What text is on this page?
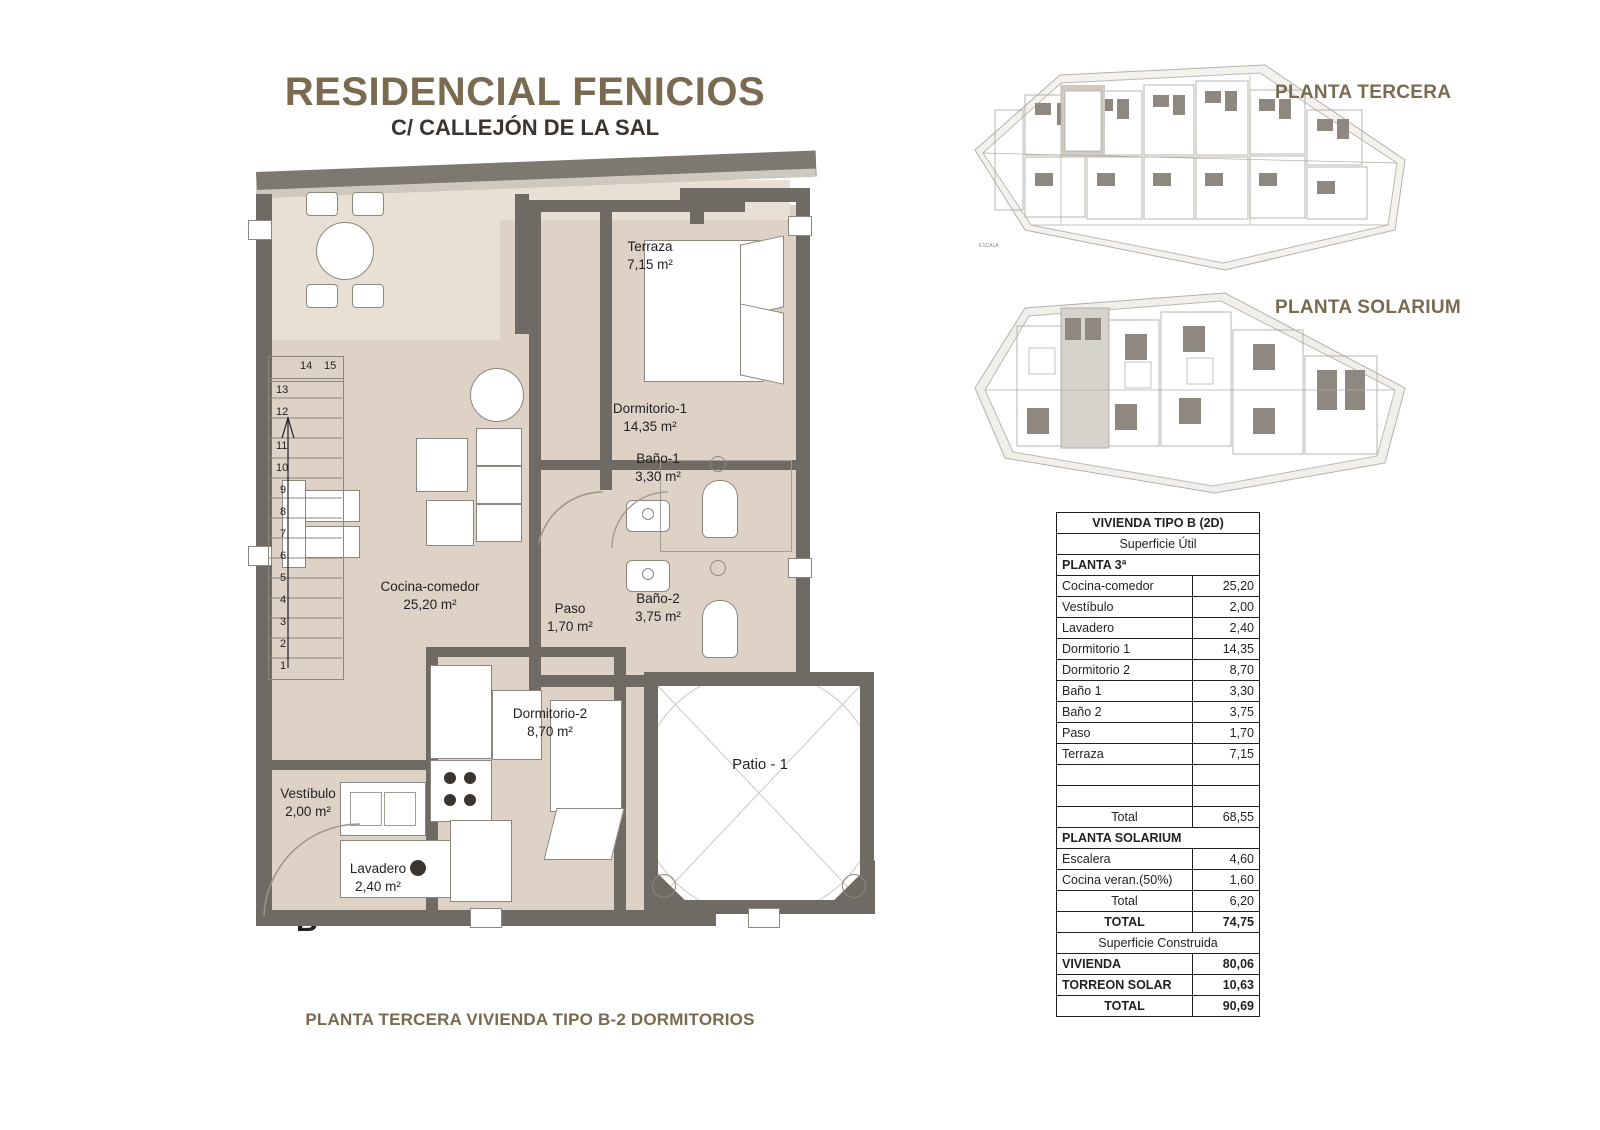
RESIDENCIAL FENICIOS
C/ CALLEJÓN DE LA SAL
PLANTA TERCERA VIVIENDA TIPO B-2 DORMITORIOS
1
2
3
4
5
6
7
8
9
10
11
12
13
14 15
Terraza
7,15 m²
Dormitorio-1
14,35 m²
Baño-1
3,30 m²
Baño-2
3,75 m²
Cocina-comedor
25,20 m²	Paso
1,70 m²
Dormitorio-2
8,70 m²
Vestíbulo
2,00 m²
Lavadero
2,40 m²
Patio - 1
ESCALA
PLANTA TERCERA
PLANTA SOLARIUM
VIVIENDA TIPO B (2D)	
Superficie Útil	
PLANTA 3ª	
Cocina-comedor	25,20
Vestíbulo	2,00
Lavadero	2,40
Dormitorio 1	14,35
Dormitorio 2	8,70
Baño 1	3,30
Baño 2	3,75
Paso	1,70
Terraza	7,15

Total	68,55
PLANTA SOLARIUM	
Escalera	4,60
Cocina veran.(50%)	1,60
Total	6,20
TOTAL	74,75
Superficie Construida	
VIVIENDA	80,06
TORREON SOLAR	10,63
TOTAL	90,69
